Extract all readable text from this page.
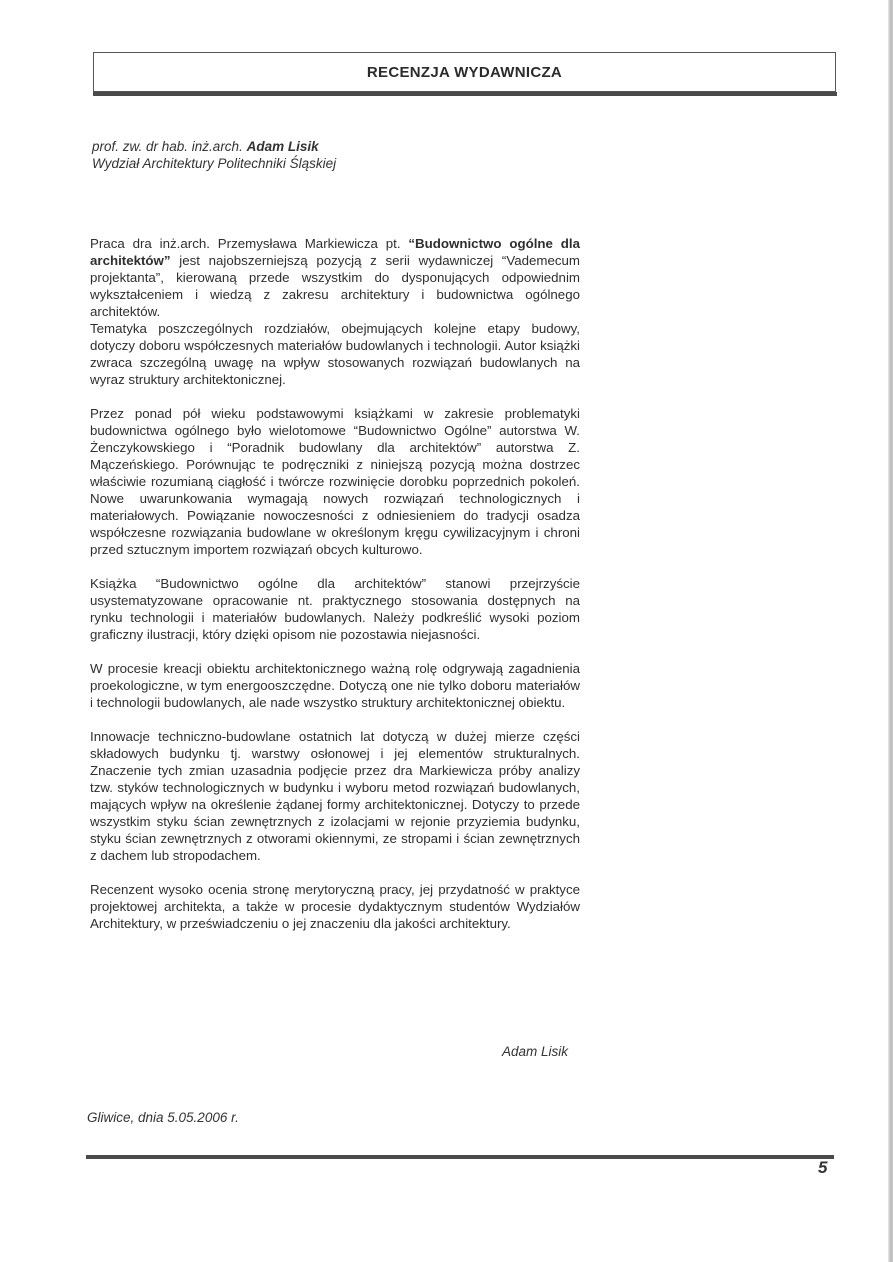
RECENZJA WYDAWNICZA
prof. zw. dr hab. inż.arch. Adam Lisik
Wydział Architektury Politechniki Śląskiej

Praca dra inż.arch. Przemysława Markiewicza pt. “Budownictwo ogólne dla architektów” jest najobszerniejszą pozycją z serii wydawniczej “Vademecum projektanta”, kierowaną przede wszystkim do dysponujących odpowiednim wykształceniem i wiedzą z zakresu architektury i budownictwa ogólnego architektów.

Tematyka poszczególnych rozdziałów, obejmujących kolejne etapy budowy, dotyczy doboru współczesnych materiałów budowlanych i technologii. Autor książki zwraca szczególną uwagę na wpływ stosowanych rozwiązań budowlanych na wyraz struktury architektonicznej.

Przez ponad pół wieku podstawowymi książkami w zakresie problematyki budownictwa ogólnego było wielotomowe “Budownictwo Ogólne” autorstwa W. Żenczykowskiego i “Poradnik budowlany dla architektów” autorstwa Z. Mączeńskiego. Porównując te podręczniki z niniejszą pozycją można dostrzec właściwie rozumianą ciągłość i twórcze rozwinięcie dorobku poprzednich pokoleń. Nowe uwarunkowania wymagają nowych rozwiązań technologicznych i materiałowych. Powiązanie nowoczesności z odniesieniem do tradycji osadza współczesne rozwiązania budowlane w określonym kręgu cywilizacyjnym i chroni przed sztucznym importem rozwiązań obcych kulturowo.

Książka “Budownictwo ogólne dla architektów” stanowi przejrzyście usystematyzowane opracowanie nt. praktycznego stosowania dostępnych na rynku technologii i materiałów budowlanych. Należy podkreślić wysoki poziom graficzny ilustracji, który dzięki opisom nie pozostawia niejasności.

W procesie kreacji obiektu architektonicznego ważną rolę odgrywają zagadnienia proekologiczne, w tym energooszczędne. Dotyczą one nie tylko doboru materiałów i technologii budowlanych, ale nade wszystko struktury architektonicznej obiektu.

Innowacje techniczno-budowlane ostatnich lat dotyczą w dużej mierze części składowych budynku tj. warstwy osłonowej i jej elementów strukturalnych. Znaczenie tych zmian uzasadnia podjęcie przez dra Markiewicza próby analizy tzw. styków technologicznych w budynku i wyboru metod rozwiązań budowlanych, mających wpływ na określenie żądanej formy architektonicznej. Dotyczy to przede wszystkim styku ścian zewnętrznych z izolacjami w rejonie przyziemia budynku, styku ścian zewnętrznych z otworami okiennymi, ze stropami i ścian zewnętrznych z dachem lub stropodachem.

Recenzent wysoko ocenia stronę merytoryczną pracy, jej przydatność w praktyce projektowej architekta, a także w procesie dydaktycznym studentów Wydziałów Architektury, w przeświadczeniu o jej znaczeniu dla jakości architektury.

Adam Lisik
Gliwice, dnia 5.05.2006 r.
5
